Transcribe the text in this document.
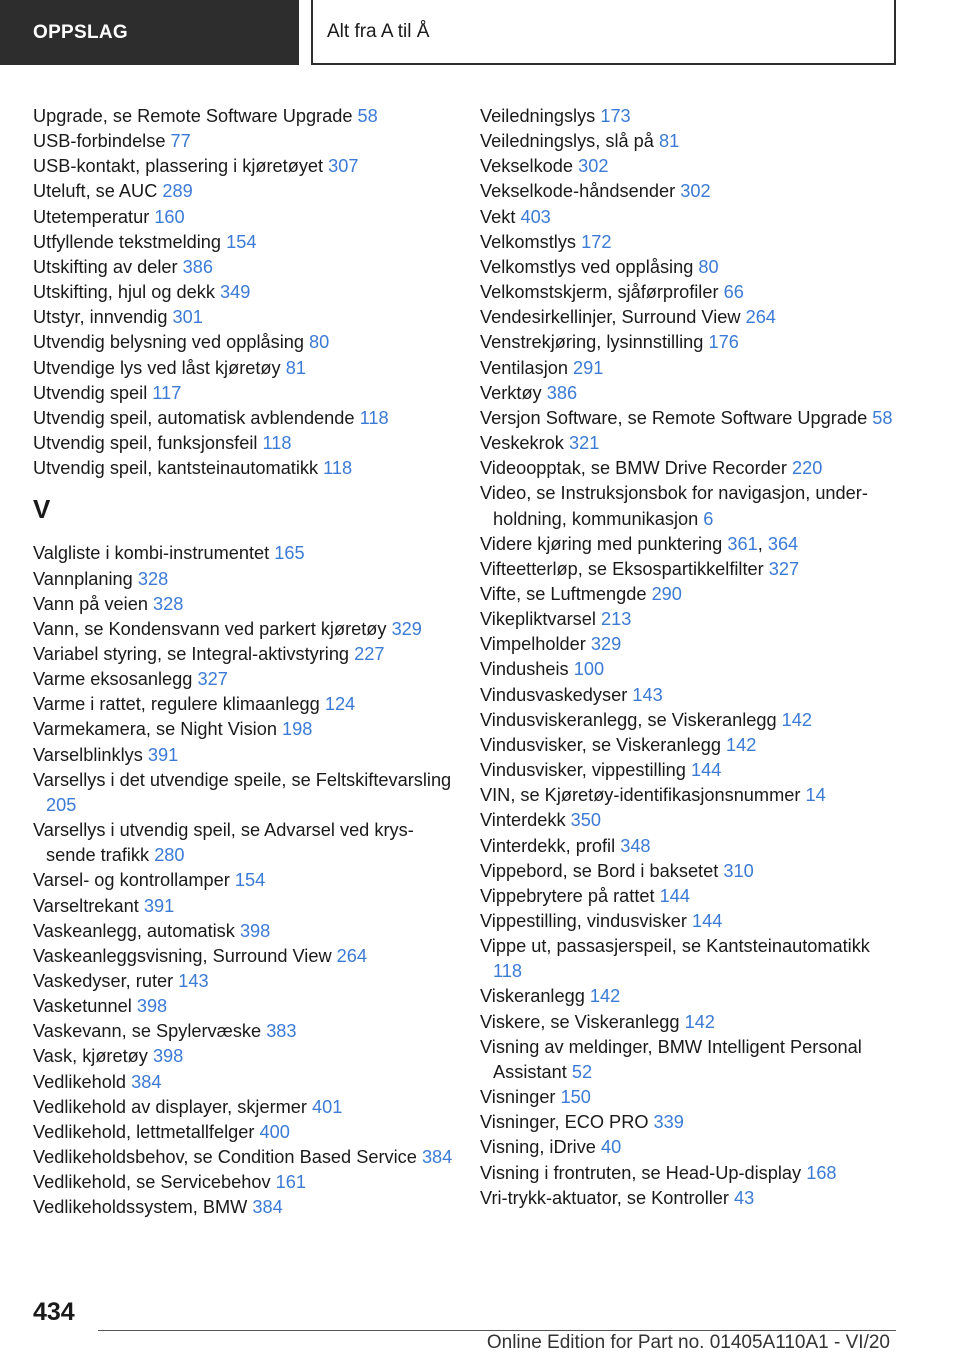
OPPSLAG	Alt fra A til Å
Upgrade, se Remote Software Upgrade 58
USB-forbindelse 77
USB-kontakt, plassering i kjøretøyet 307
Uteluft, se AUC 289
Utetemperatur 160
Utfyllende tekstmelding 154
Utskifting av deler 386
Utskifting, hjul og dekk 349
Utstyr, innvendig 301
Utvendig belysning ved opplåsing 80
Utvendige lys ved låst kjøretøy 81
Utvendig speil 117
Utvendig speil, automatisk avblendende 118
Utvendig speil, funksjonsfeil 118
Utvendig speil, kantsteinautomatikk 118
V
Valgliste i kombi-instrumentet 165
Vannplaning 328
Vann på veien 328
Vann, se Kondensvann ved parkert kjøretøy 329
Variabel styring, se Integral-aktivstyring 227
Varme eksosanlegg 327
Varme i rattet, regulere klimaanlegg 124
Varmekamera, se Night Vision 198
Varselblinklys 391
Varsellys i det utvendige speile, se Feltskiftevarsling 205
Varsellys i utvendig speil, se Advarsel ved kryssende trafikk 280
Varsel- og kontrollamper 154
Varseltrekant 391
Vaskeanlegg, automatisk 398
Vaskeanleggsvisning, Surround View 264
Vaskedyser, ruter 143
Vasketunnel 398
Vaskevann, se Spylervæske 383
Vask, kjøretøy 398
Vedlikehold 384
Vedlikehold av displayer, skjermer 401
Vedlikehold, lettmetallfelger 400
Vedlikeholdsbehov, se Condition Based Service 384
Vedlikehold, se Servicebehov 161
Vedlikeholdssystem, BMW 384
Veiledningslys 173
Veiledningslys, slå på 81
Vekselkode 302
Vekselkode-håndsender 302
Vekt 403
Velkomstlys 172
Velkomstlys ved opplåsing 80
Velkomstskjerm, sjåførprofiler 66
Vendesirkellinjer, Surround View 264
Venstrekjøring, lysinnstilling 176
Ventilasjon 291
Verktøy 386
Versjon Software, se Remote Software Upgrade 58
Veskekrok 321
Videoopptak, se BMW Drive Recorder 220
Video, se Instruksjonsbok for navigasjon, underholdning, kommunikasjon 6
Videre kjøring med punktering 361, 364
Vifteetterløp, se Eksospartikkelfilter 327
Vifte, se Luftmengde 290
Vikepliktvarsel 213
Vimpelholder 329
Vindusheis 100
Vindusvaskedyser 143
Vindusviskeranlegg, se Viskeranlegg 142
Vindusvisker, se Viskeranlegg 142
Vindusvisker, vippestilling 144
VIN, se Kjøretøy-identifikasjonsnummer 14
Vinterdekk 350
Vinterdekk, profil 348
Vippebord, se Bord i baksetet 310
Vippebrytere på rattet 144
Vippestilling, vindusvisker 144
Vippe ut, passasjerspeil, se Kantsteinautomatikk 118
Viskeranlegg 142
Viskere, se Viskeranlegg 142
Visning av meldinger, BMW Intelligent Personal Assistant 52
Visninger 150
Visninger, ECO PRO 339
Visning, iDrive 40
Visning i frontruten, se Head-Up-display 168
Vri-trykk-aktuator, se Kontroller 43
434
Online Edition for Part no. 01405A110A1 - VI/20
